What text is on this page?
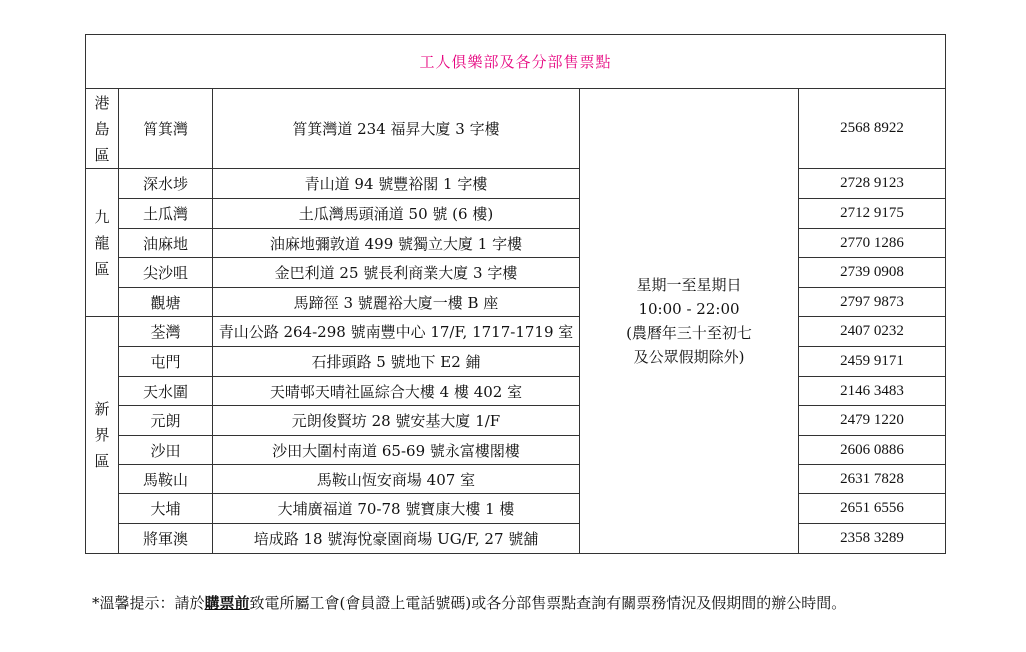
工人俱樂部及各分部售票點				

港
島
區	筲箕灣	筲箕灣道 234 福昇大廈 3 字樓	星期一至星期日
10:00 - 22:00
(農曆年三十至初七
及公眾假期除外)	2568 8922

九
龍
區	深水埗	青山道 94 號豐裕閣 1 字樓		2728 9123
	土瓜灣	土瓜灣馬頭涌道 50 號 (6 樓)		2712 9175
	油麻地	油麻地彌敦道 499 號獨立大廈 1 字樓		2770 1286
	尖沙咀	金巴利道 25 號長利商業大廈 3 字樓		2739 0908
	觀塘	馬蹄徑 3 號麗裕大廈一樓 B 座		2797 9873

新
界
區	荃灣	青山公路 264-298 號南豐中心 17/F, 1717-1719 室		2407 0232
	屯門	石排頭路 5 號地下 E2 鋪		2459 9171
	天水圍	天晴邨天晴社區綜合大樓 4 樓 402 室		2146 3483
	元朗	元朗俊賢坊 28 號安基大廈 1/F		2479 1220
	沙田	沙田大圍村南道 65-69 號永富樓閣樓		2606 0886
	馬鞍山	馬鞍山恆安商場 407 室		2631 7828
	大埔	大埔廣福道 70-78 號寶康大樓 1 樓		2651 6556
	將軍澳	培成路 18 號海悅豪園商場 UG/F, 27 號舖		2358 3289
*溫馨提示：請於購票前致電所屬工會(會員證上電話號碼)或各分部售票點查詢有關票務情況及假期間的辦公時間。
